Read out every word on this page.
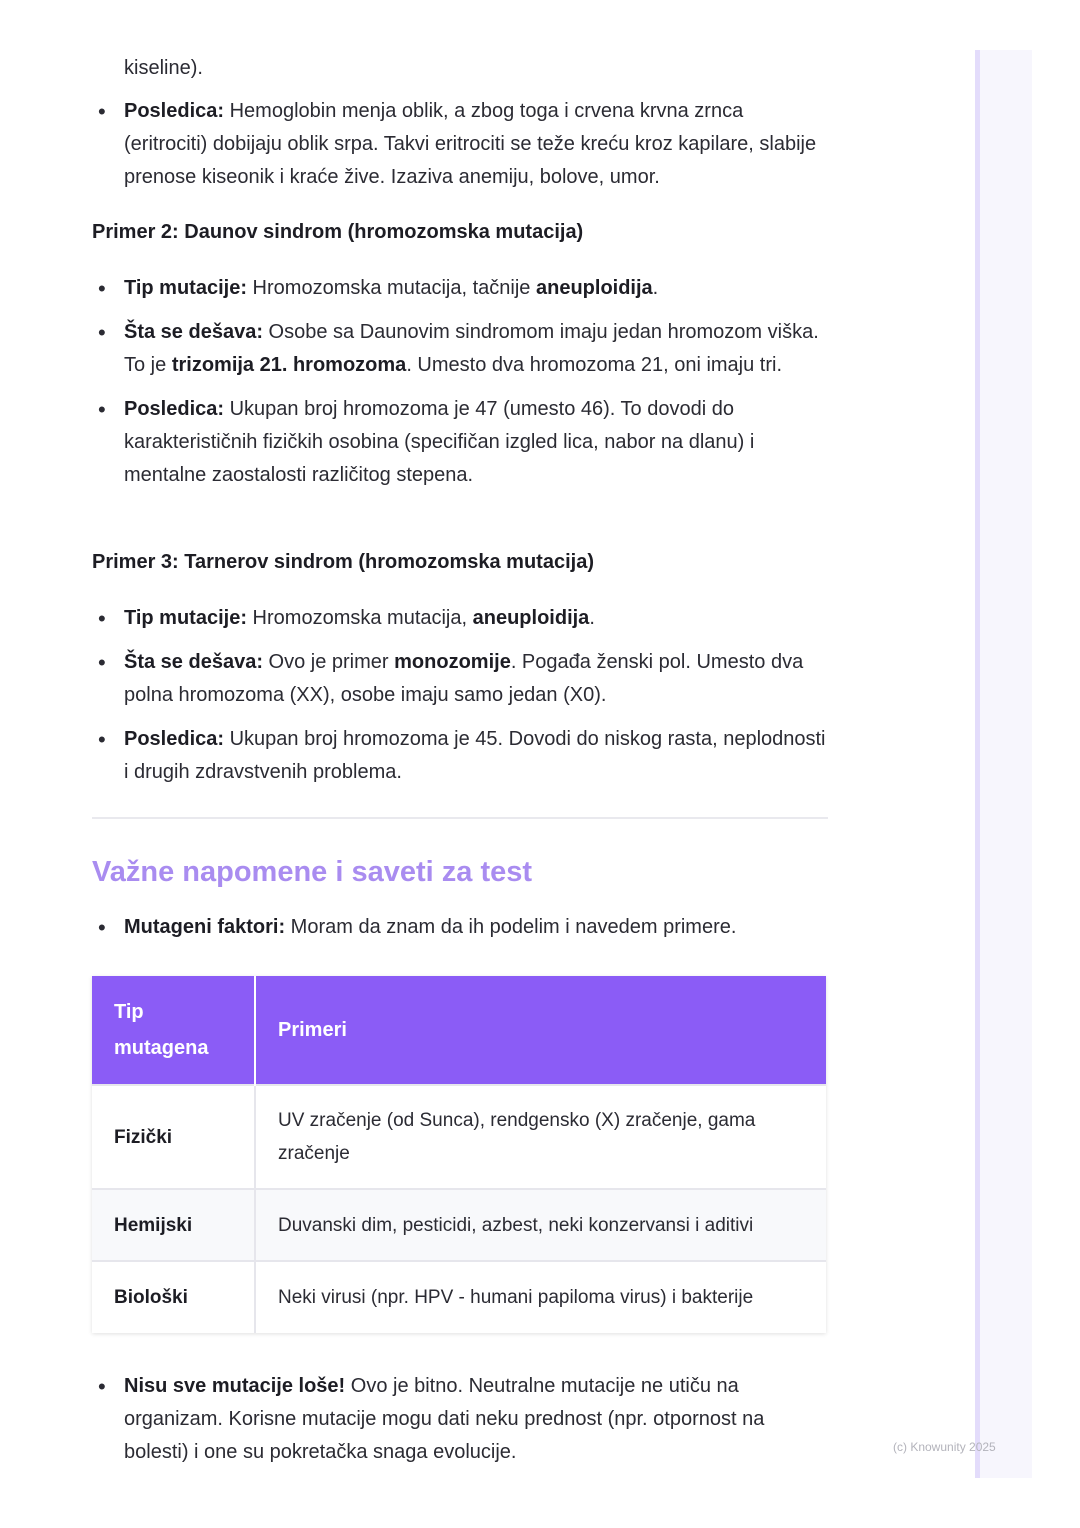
kiseline).
• Posledica: Hemoglobin menja oblik, a zbog toga i crvena krvna zrnca (eritrociti) dobijaju oblik srpa. Takvi eritrociti se teže kreću kroz kapilare, slabije prenose kiseonik i kraće žive. Izaziva anemiju, bolove, umor.
Primer 2: Daunov sindrom (hromozomska mutacija)
• Tip mutacije: Hromozomska mutacija, tačnije aneuploidija.
• Šta se dešava: Osobe sa Daunovim sindromom imaju jedan hromozom viška. To je trizomija 21. hromozoma. Umesto dva hromozoma 21, oni imaju tri.
• Posledica: Ukupan broj hromozoma je 47 (umesto 46). To dovodi do karakterističnih fizičkih osobina (specifičan izgled lica, nabor na dlanu) i mentalne zaostalosti različitog stepena.
Primer 3: Tarnerov sindrom (hromozomska mutacija)
• Tip mutacije: Hromozomska mutacija, aneuploidija.
• Šta se dešava: Ovo je primer monozomije. Pogađa ženski pol. Umesto dva polna hromozoma (XX), osobe imaju samo jedan (X0).
• Posledica: Ukupan broj hromozoma je 45. Dovodi do niskog rasta, neplodnosti i drugih zdravstvenih problema.
Važne napomene i saveti za test
• Mutageni faktori: Moram da znam da ih podelim i navedem primere.
Tip mutagena	Primeri
Fizički	UV zračenje (od Sunca), rendgensko (X) zračenje, gama zračenje
Hemijski	Duvanski dim, pesticidi, azbest, neki konzervansi i aditivi
Biološki	Neki virusi (npr. HPV - humani papiloma virus) i bakterije
• Nisu sve mutacije loše! Ovo je bitno. Neutralne mutacije ne utiču na organizam. Korisne mutacije mogu dati neku prednost (npr. otpornost na bolesti) i one su pokretačka snaga evolucije.	(c) Knowunity 2025
